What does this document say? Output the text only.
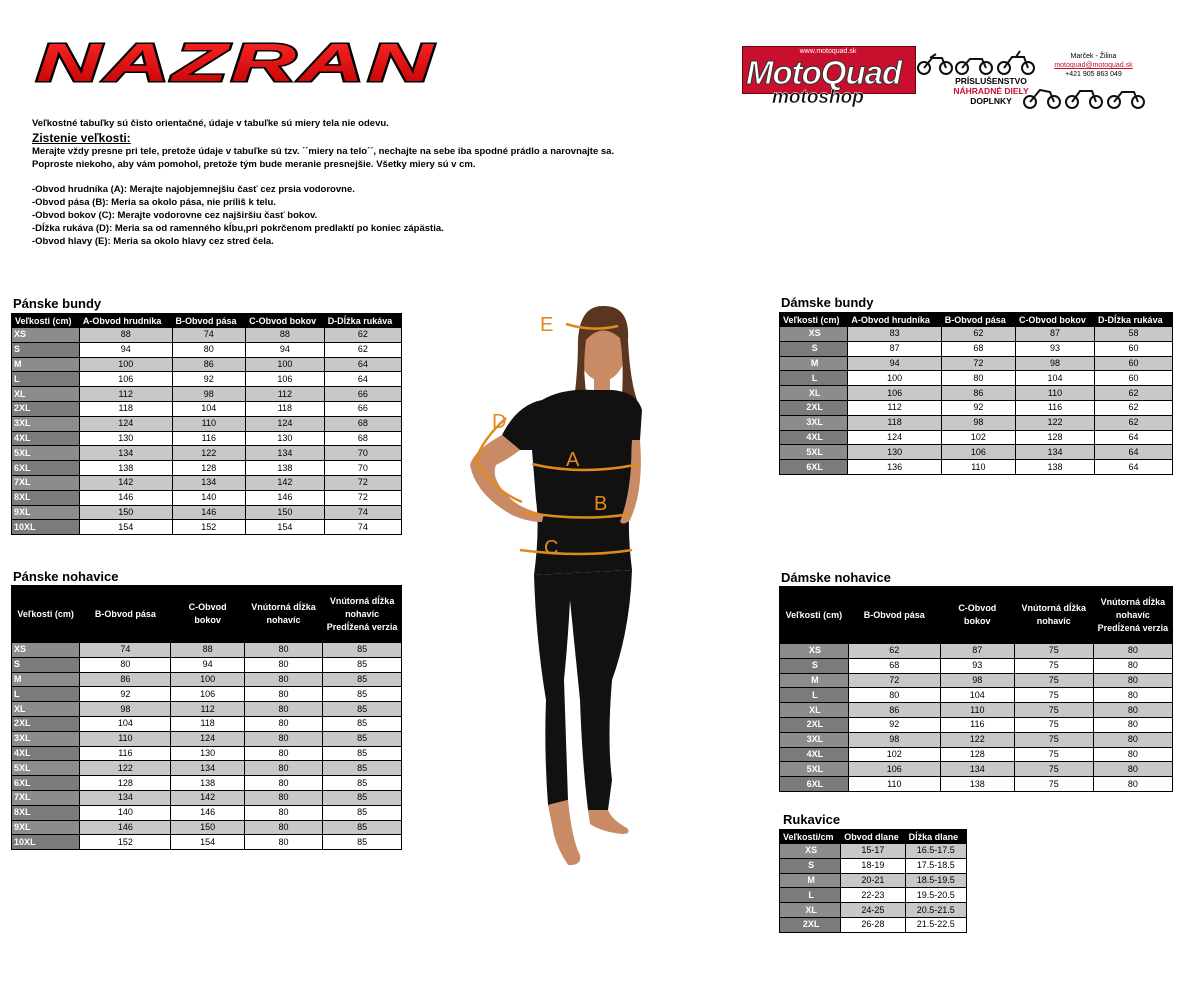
NAZRAN	www.motoquad.sk
MotoQuad
motoshop
Marček - Žilina
motoquad@motoquad.sk
+421 905 863 049
PRÍSLUŠENSTVO
NÁHRADNÉ DIELY
DOPLNKY

Veľkostné tabuľky sú čisto orientačné, údaje v tabuľke sú miery tela nie odevu.

Zistenie veľkosti:

Merajte vždy presne pri tele, pretože údaje v tabuľke sú tzv. ´´miery na telo´´, nechajte na sebe iba spodné prádlo a narovnajte sa. Poproste niekoho, aby vám pomohol, pretože tým bude meranie presnejšie. Všetky miery sú v cm.

-Obvod hrudníka (A): Merajte najobjemnejšiu časť cez prsia vodorovne.

-Obvod pása (B): Meria sa okolo pása, nie príliš k telu.

-Obvod bokov (C): Merajte vodorovne cez najširšiu časť bokov.

-Dĺžka rukáva (D): Meria sa od ramenného kĺbu,pri pokrčenom predlaktí po koniec zápästia.

-Obvod hlavy (E): Meria sa okolo hlavy cez stred čela.

Pánske bundy
Veľkosti (cm)	A-Obvod hrudníka	B-Obvod pása	C-Obvod bokov	D-Dĺžka rukáva
XS	88	74	88	62
S	94	80	94	62
M	100	86	100	64
L	106	92	106	64
XL	112	98	112	66
2XL	118	104	118	66
3XL	124	110	124	68
4XL	130	116	130	68
5XL	134	122	134	70
6XL	138	128	138	70
7XL	142	134	142	72
8XL	146	140	146	72
9XL	150	146	150	74
10XL	154	152	154	74
Pánske nohavice
Veľkosti (cm)	B-Obvod pása	C-Obvod bokov	Vnútorná dĺžka nohavíc	Vnútorná dĺžka nohavíc Predĺžená verzia
XS	74	88	80	85
S	80	94	80	85
M	86	100	80	85
L	92	106	80	85
XL	98	112	80	85
2XL	104	118	80	85
3XL	110	124	80	85
4XL	116	130	80	85
5XL	122	134	80	85
6XL	128	138	80	85
7XL	134	142	80	85
8XL	140	146	80	85
9XL	146	150	80	85
10XL	152	154	80	85
Dámske bundy
Veľkosti (cm)	A-Obvod hrudníka	B-Obvod pása	C-Obvod bokov	D-Dĺžka rukáva
XS	83	62	87	58
S	87	68	93	60
M	94	72	98	60
L	100	80	104	60
XL	106	86	110	62
2XL	112	92	116	62
3XL	118	98	122	62
4XL	124	102	128	64
5XL	130	106	134	64
6XL	136	110	138	64
Dámske nohavice
Veľkosti (cm)	B-Obvod pása	C-Obvod bokov	Vnútorná dĺžka nohavíc	Vnútorná dĺžka nohavíc Predĺžená verzia
XS	62	87	75	80
S	68	93	75	80
M	72	98	75	80
L	80	104	75	80
XL	86	110	75	80
2XL	92	116	75	80
3XL	98	122	75	80
4XL	102	128	75	80
5XL	106	134	75	80
6XL	110	138	75	80
Rukavice
Veľkosti/cm	Obvod dlane	Dĺžka dlane
XS	15-17	16.5-17.5
S	18-19	17.5-18.5
M	20-21	18.5-19.5
L	22-23	19.5-20.5
XL	24-25	20.5-21.5
2XL	26-28	21.5-22.5
E
A
B
C
D
